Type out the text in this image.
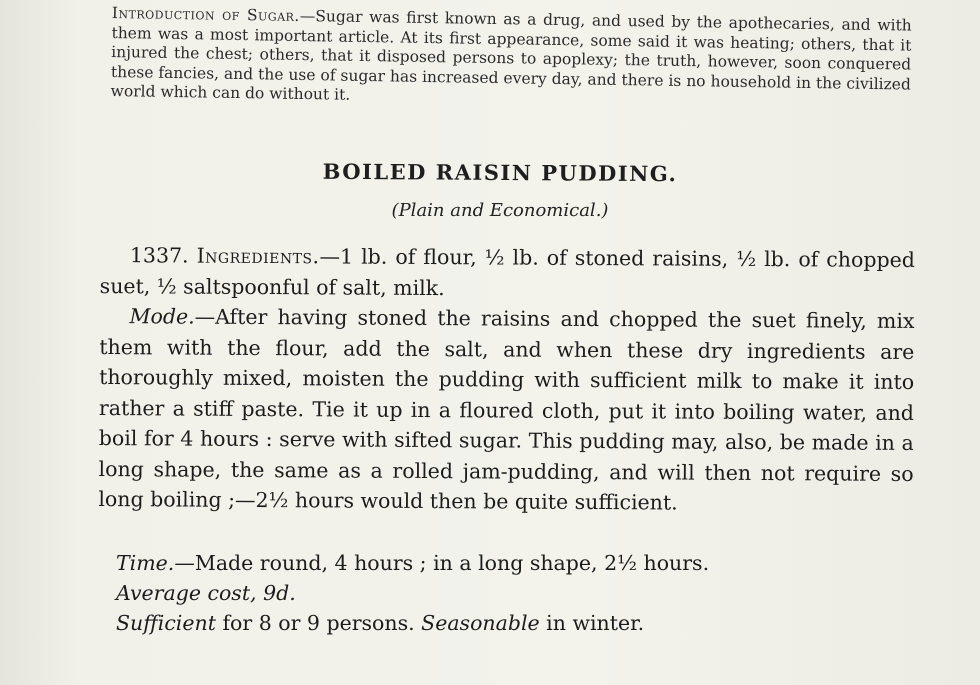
Introduction of Sugar.—Sugar was first known as a drug, and used by the apothecaries, and with them was a most important article. At its first appearance, some said it was heating; others, that it injured the chest; others, that it disposed persons to apoplexy; the truth, however, soon conquered these fancies, and the use of sugar has increased every day, and there is no household in the civilized world which can do without it.
BOILED RAISIN PUDDING.
(Plain and Economical.)

1337. Ingredients.—1 lb. of flour, ½ lb. of stoned raisins, ½ lb. of chopped suet, ½ saltspoonful of salt, milk.

Mode.—After having stoned the raisins and chopped the suet finely, mix them with the flour, add the salt, and when these dry ingredients are thoroughly mixed, moisten the pudding with sufficient milk to make it into rather a stiff paste. Tie it up in a floured cloth, put it into boiling water, and boil for 4 hours : serve with sifted sugar. This pudding may, also, be made in a long shape, the same as a rolled jam-pudding, and will then not require so long boiling ;—2½ hours would then be quite sufficient.

Time.—Made round, 4 hours ; in a long shape, 2½ hours.
Average cost, 9d.
Sufficient for 8 or 9 persons. Seasonable in winter.
